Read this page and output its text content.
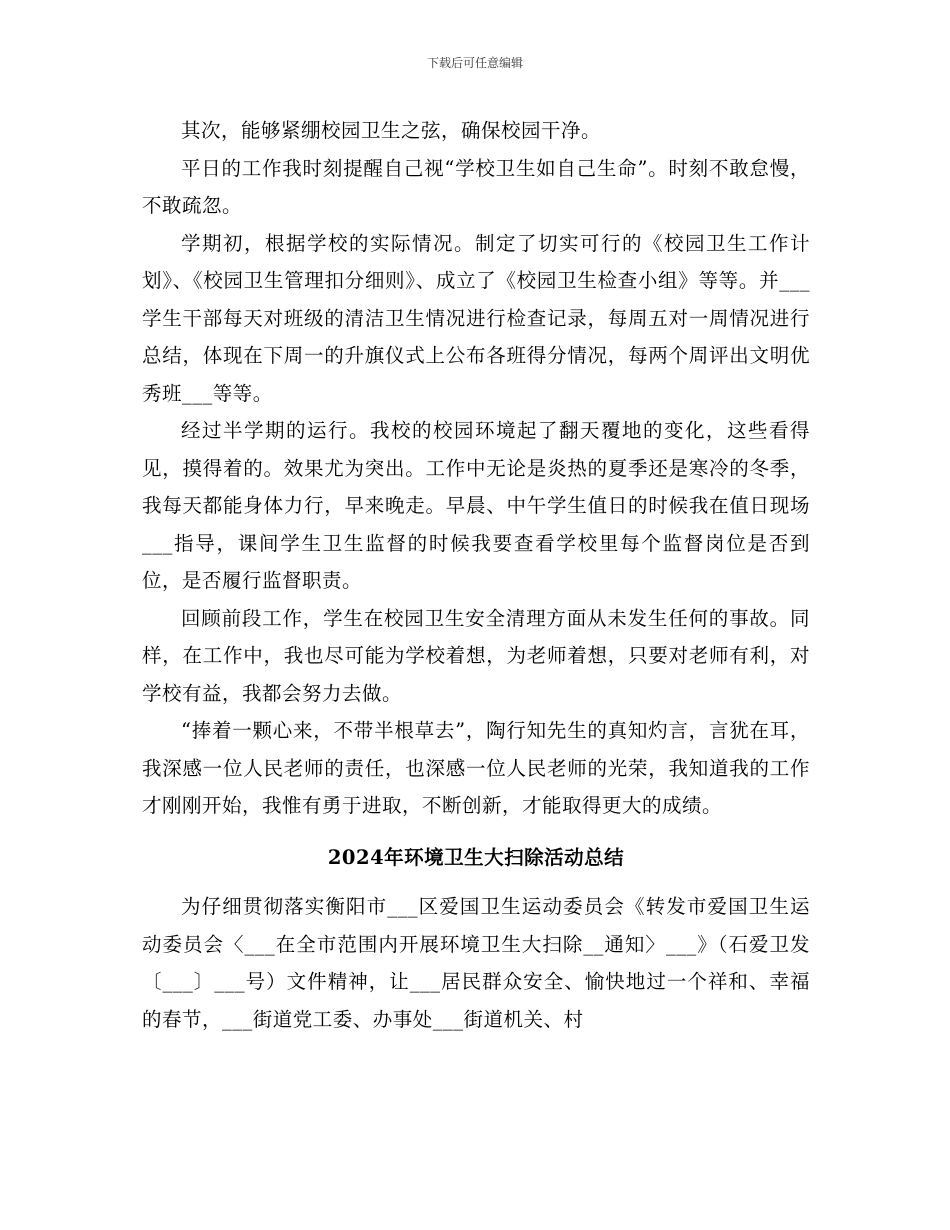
下载后可任意编辑

其次，能够紧绷校园卫生之弦，确保校园干净。

平日的工作我时刻提醒自己视“学校卫生如自己生命”。时刻不敢怠慢，不敢疏忽。

学期初，根据学校的实际情况。制定了切实可行的《校园卫生工作计划》、《校园卫生管理扣分细则》、成立了《校园卫生检查小组》等等。并___学生干部每天对班级的清洁卫生情况进行检查记录，每周五对一周情况进行总结，体现在下周一的升旗仪式上公布各班得分情况，每两个周评出文明优秀班___等等。

经过半学期的运行。我校的校园环境起了翻天覆地的变化，这些看得见，摸得着的。效果尤为突出。工作中无论是炎热的夏季还是寒冷的冬季，我每天都能身体力行，早来晚走。早晨、中午学生值日的时候我在值日现场___指导，课间学生卫生监督的时候我要查看学校里每个监督岗位是否到位，是否履行监督职责。

回顾前段工作，学生在校园卫生安全清理方面从未发生任何的事故。同样，在工作中，我也尽可能为学校着想，为老师着想，只要对老师有利，对学校有益，我都会努力去做。

“捧着一颗心来，不带半根草去”，陶行知先生的真知灼言，言犹在耳，我深感一位人民老师的责任，也深感一位人民老师的光荣，我知道我的工作才刚刚开始，我惟有勇于进取，不断创新，才能取得更大的成绩。

2024年环境卫生大扫除活动总结

为仔细贯彻落实衡阳市___区爱国卫生运动委员会《转发市爱国卫生运动委员会〈___在全市范围内开展环境卫生大扫除__通知〉___》（石爱卫发〔___〕___号）文件精神，让___居民群众安全、愉快地过一个祥和、幸福的春节，___街道党工委、办事处___街道机关、村
